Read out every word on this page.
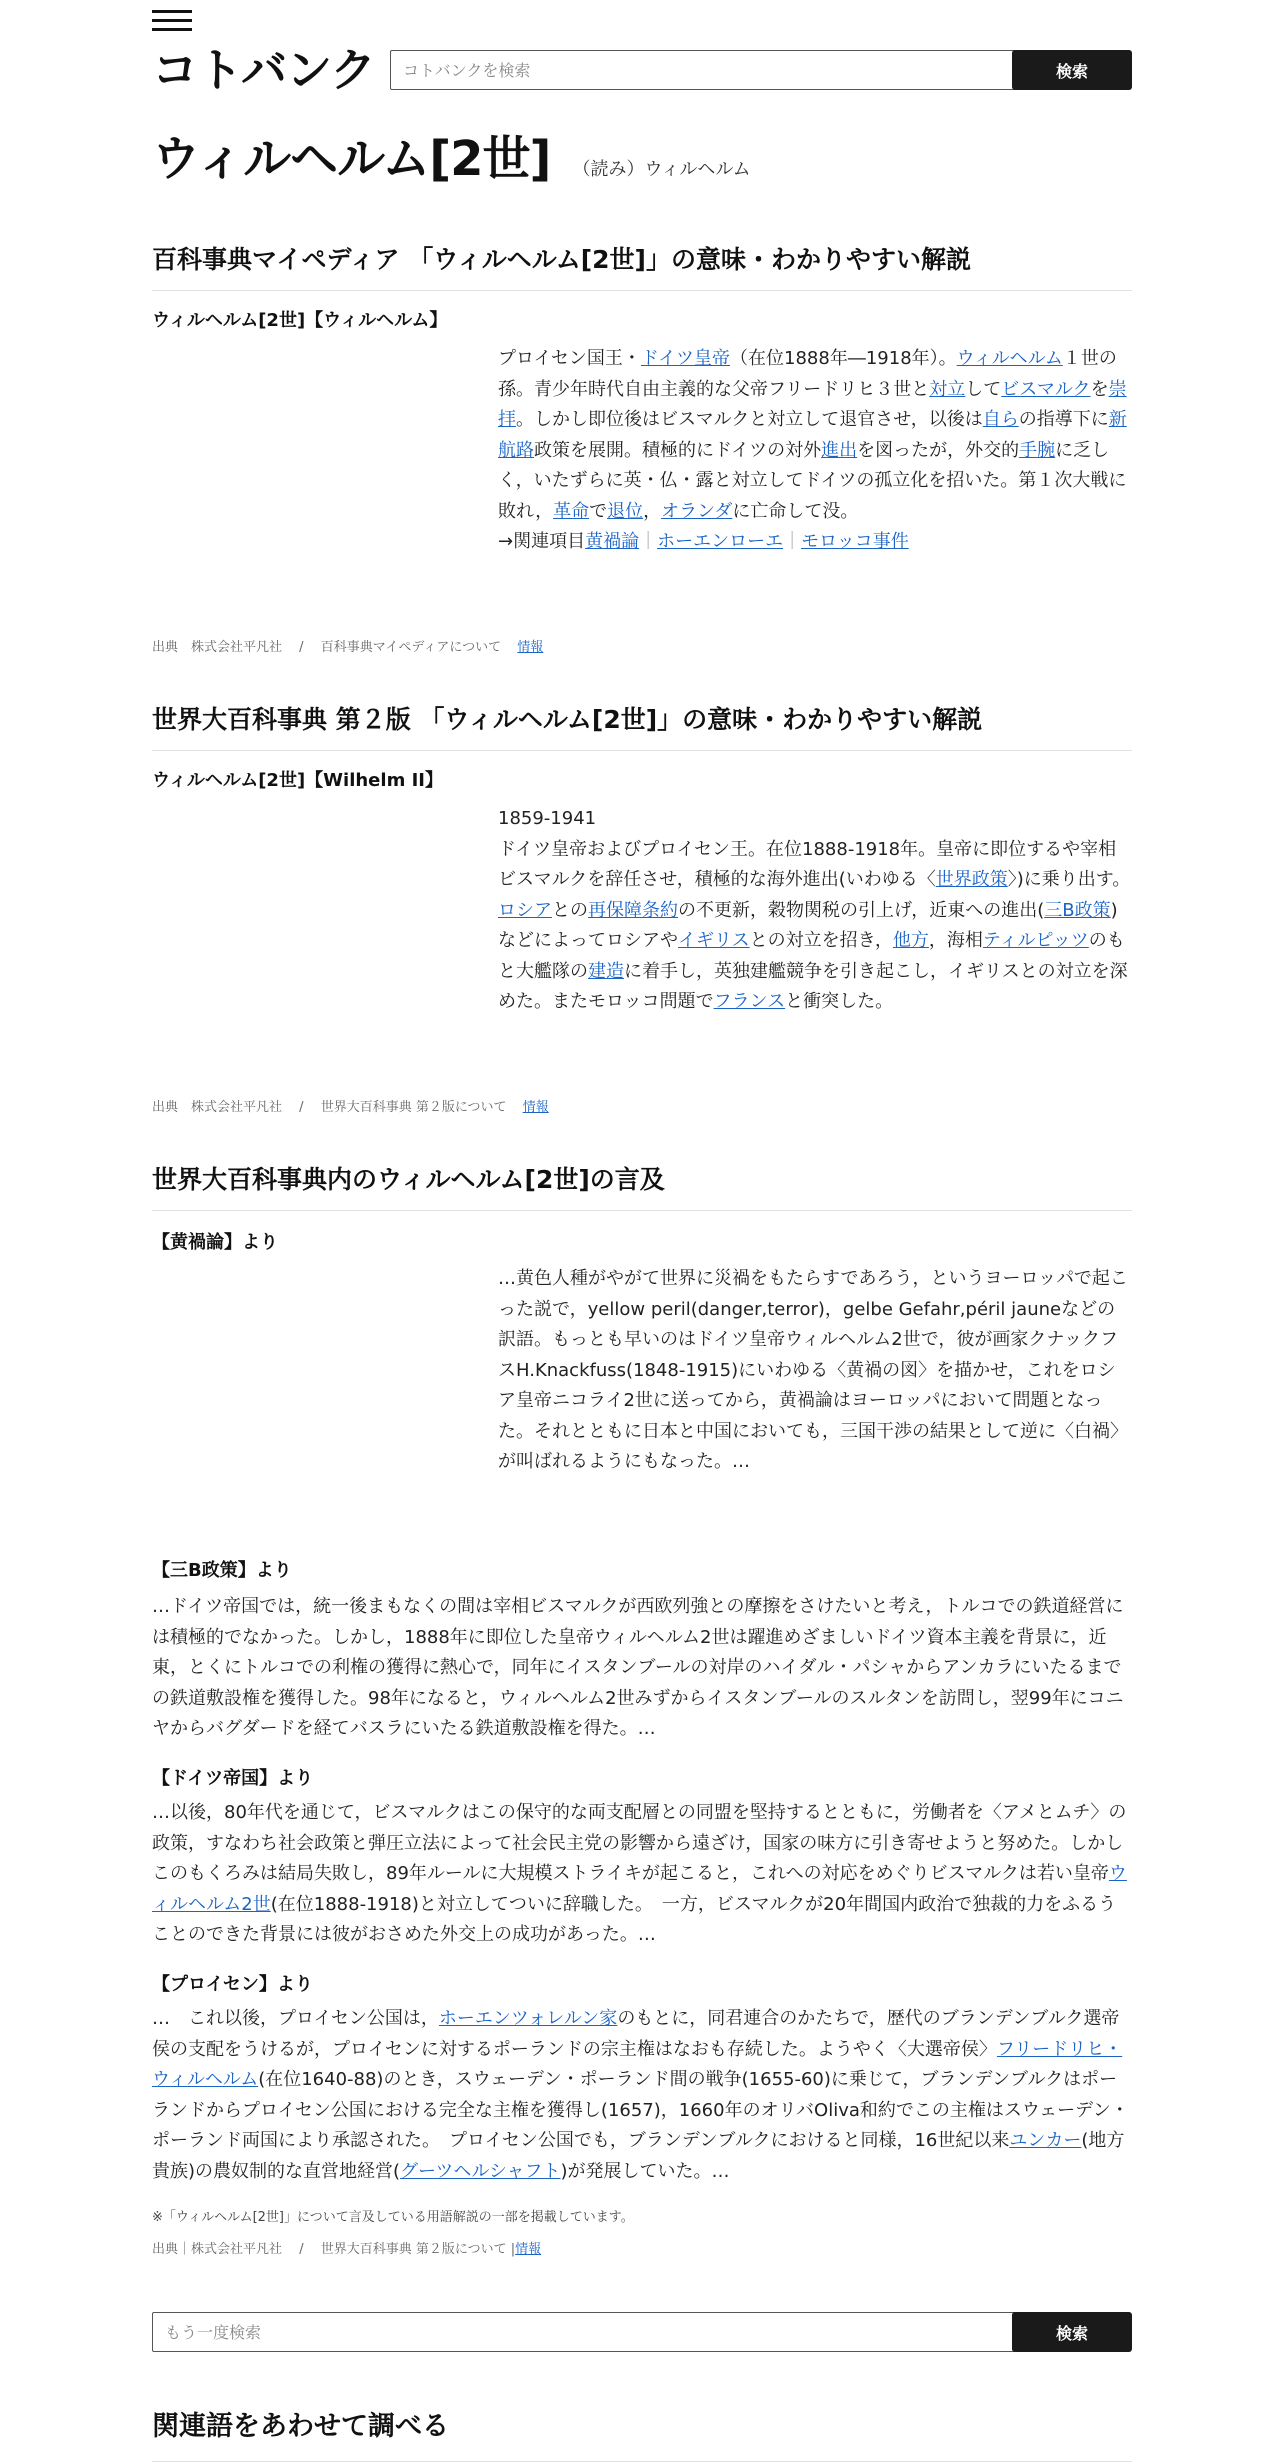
コトバンク
コトバンクを検索	検索
ウィルヘルム[2世] （読み）ウィルヘルム
百科事典マイペディア 「ウィルヘルム[2世]」の意味・わかりやすい解説
ウィルヘルム[2世]【ウィルヘルム】
プロイセン国王・ドイツ皇帝（在位1888年―1918年）。ウィルヘルム１世の孫。青少年時代自由主義的な父帝フリードリヒ３世と対立してビスマルクを崇拝。しかし即位後はビスマルクと対立して退官させ，以後は自らの指導下に新航路政策を展開。積極的にドイツの対外進出を図ったが，外交的手腕に乏しく，いたずらに英・仏・露と対立してドイツの孤立化を招いた。第１次大戦に敗れ，革命で退位，オランダに亡命して没。
→関連項目黄禍論｜ホーエンローエ｜モロッコ事件
出典　株式会社平凡社 　/　 百科事典マイペディアについて 情報
世界大百科事典 第２版 「ウィルヘルム[2世]」の意味・わかりやすい解説
ウィルヘルム[2世]【Wilhelm II】
1859‐1941
ドイツ皇帝およびプロイセン王。在位1888‐1918年。皇帝に即位するや宰相ビスマルクを辞任させ，積極的な海外進出(いわゆる〈世界政策〉)に乗り出す。ロシアとの再保障条約の不更新，穀物関税の引上げ，近東への進出(三B政策)などによってロシアやイギリスとの対立を招き，他方，海相ティルピッツのもと大艦隊の建造に着手し，英独建艦競争を引き起こし，イギリスとの対立を深めた。またモロッコ問題でフランスと衝突した。
出典　株式会社平凡社 　/　 世界大百科事典 第２版について 情報
世界大百科事典内のウィルヘルム[2世]の言及
【黄禍論】より
…黄色人種がやがて世界に災禍をもたらすであろう，というヨーロッパで起こった説で，yellow peril(danger,terror)，gelbe Gefahr,péril jauneなどの訳語。もっとも早いのはドイツ皇帝ウィルヘルム2世で，彼が画家クナックフスH.Knackfuss(1848‐1915)にいわゆる〈黄禍の図〉を描かせ，これをロシア皇帝ニコライ2世に送ってから，黄禍論はヨーロッパにおいて問題となった。それとともに日本と中国においても，三国干渉の結果として逆に〈白禍〉が叫ばれるようにもなった。…
【三B政策】より
…ドイツ帝国では，統一後まもなくの間は宰相ビスマルクが西欧列強との摩擦をさけたいと考え，トルコでの鉄道経営には積極的でなかった。しかし，1888年に即位した皇帝ウィルヘルム2世は躍進めざましいドイツ資本主義を背景に，近東，とくにトルコでの利権の獲得に熱心で，同年にイスタンブールの対岸のハイダル・パシャからアンカラにいたるまでの鉄道敷設権を獲得した。98年になると，ウィルヘルム2世みずからイスタンブールのスルタンを訪問し，翌99年にコニヤからバグダードを経てバスラにいたる鉄道敷設権を得た。…
【ドイツ帝国】より
…以後，80年代を通じて，ビスマルクはこの保守的な両支配層との同盟を堅持するとともに，労働者を〈アメとムチ〉の政策，すなわち社会政策と弾圧立法によって社会民主党の影響から遠ざけ，国家の味方に引き寄せようと努めた。しかしこのもくろみは結局失敗し，89年ルールに大規模ストライキが起こると，これへの対応をめぐりビスマルクは若い皇帝ウィルヘルム2世(在位1888‐1918)と対立してついに辞職した。　一方，ビスマルクが20年間国内政治で独裁的力をふるうことのできた背景には彼がおさめた外交上の成功があった。…
【プロイセン】より
…　これ以後，プロイセン公国は，ホーエンツォレルン家のもとに，同君連合のかたちで，歴代のブランデンブルク選帝侯の支配をうけるが，プロイセンに対するポーランドの宗主権はなおも存続した。ようやく〈大選帝侯〉フリードリヒ・ウィルヘルム(在位1640‐88)のとき，スウェーデン・ポーランド間の戦争(1655‐60)に乗じて，ブランデンブルクはポーランドからプロイセン公国における完全な主権を獲得し(1657)，1660年のオリバOliva和約でこの主権はスウェーデン・ポーランド両国により承認された。　プロイセン公国でも，ブランデンブルクにおけると同様，16世紀以来ユンカー(地方貴族)の農奴制的な直営地経営(グーツヘルシャフト)が発展していた。…
※「ウィルヘルム[2世]」について言及している用語解説の一部を掲載しています。
出典｜株式会社平凡社 　/　 世界大百科事典 第２版について |情報
もう一度検索
検索
関連語をあわせて調べる
